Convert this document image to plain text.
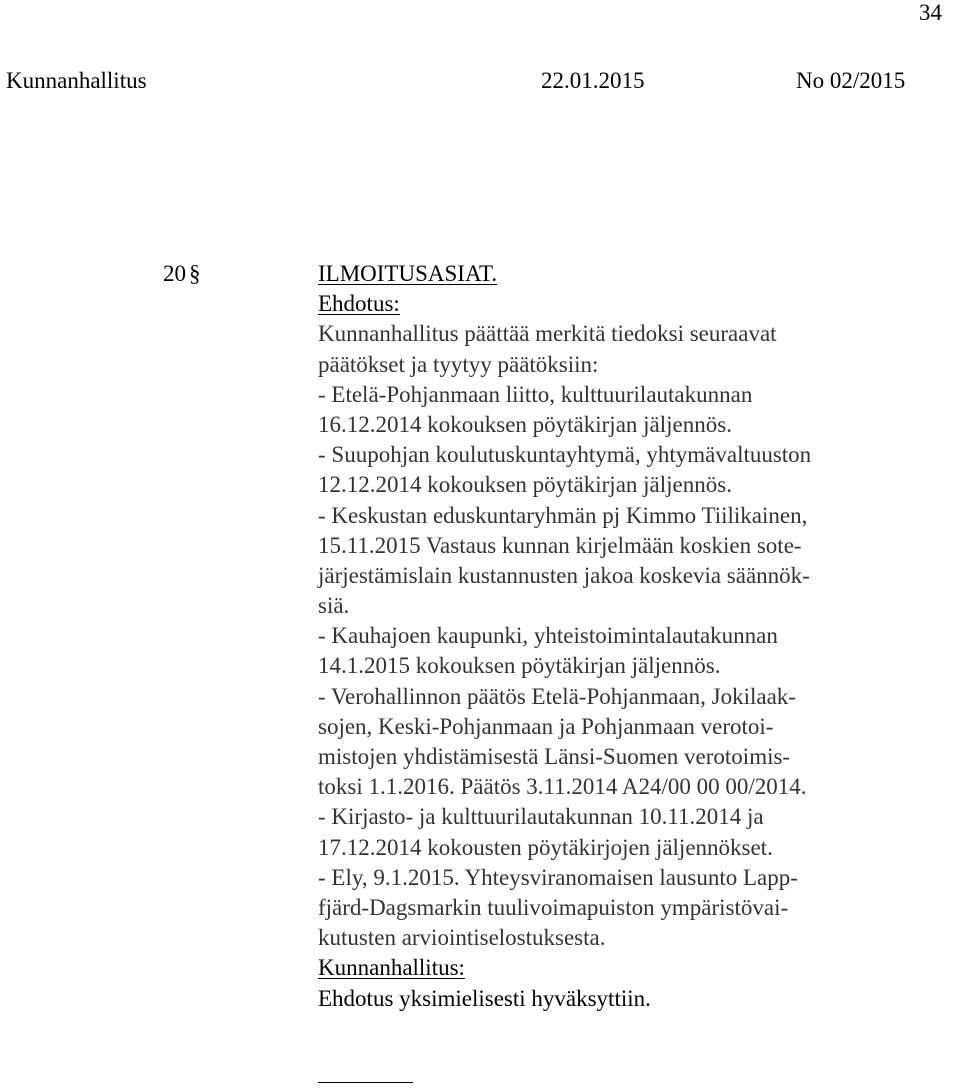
34
Kunnanhallitus	22.01.2015	No 02/2015
20 §	ILMOITUSASIAT.
Ehdotus:
Kunnanhallitus päättää merkitä tiedoksi seuraavat
päätökset ja tyytyy päätöksiin:
- Etelä-Pohjanmaan liitto, kulttuurilautakunnan
16.12.2014 kokouksen pöytäkirjan jäljennös.
- Suupohjan koulutuskuntayhtymä, yhtymävaltuuston
12.12.2014 kokouksen pöytäkirjan jäljennös.
- Keskustan eduskuntaryhmän pj Kimmo Tiilikainen,
15.11.2015 Vastaus kunnan kirjelmään koskien sote-
järjestämislain kustannusten jakoa koskevia säännök-
siä.
- Kauhajoen kaupunki, yhteistoimintalautakunnan
14.1.2015 kokouksen pöytäkirjan jäljennös.
- Verohallinnon päätös Etelä-Pohjanmaan, Jokilaak-
sojen, Keski-Pohjanmaan ja Pohjanmaan verotoi-
mistojen yhdistämisestä Länsi-Suomen verotoimis-
toksi 1.1.2016. Päätös 3.11.2014 A24/00 00 00/2014.
- Kirjasto- ja kulttuurilautakunnan 10.11.2014 ja
17.12.2014 kokousten pöytäkirjojen jäljennökset.
- Ely, 9.1.2015. Yhteysviranomaisen lausunto Lapp-
fjärd-Dagsmarkin tuulivoimapuiston ympäristövai-
kutusten arviointiselostuksesta.
Kunnanhallitus:
Ehdotus yksimielisesti hyväksyttiin.
